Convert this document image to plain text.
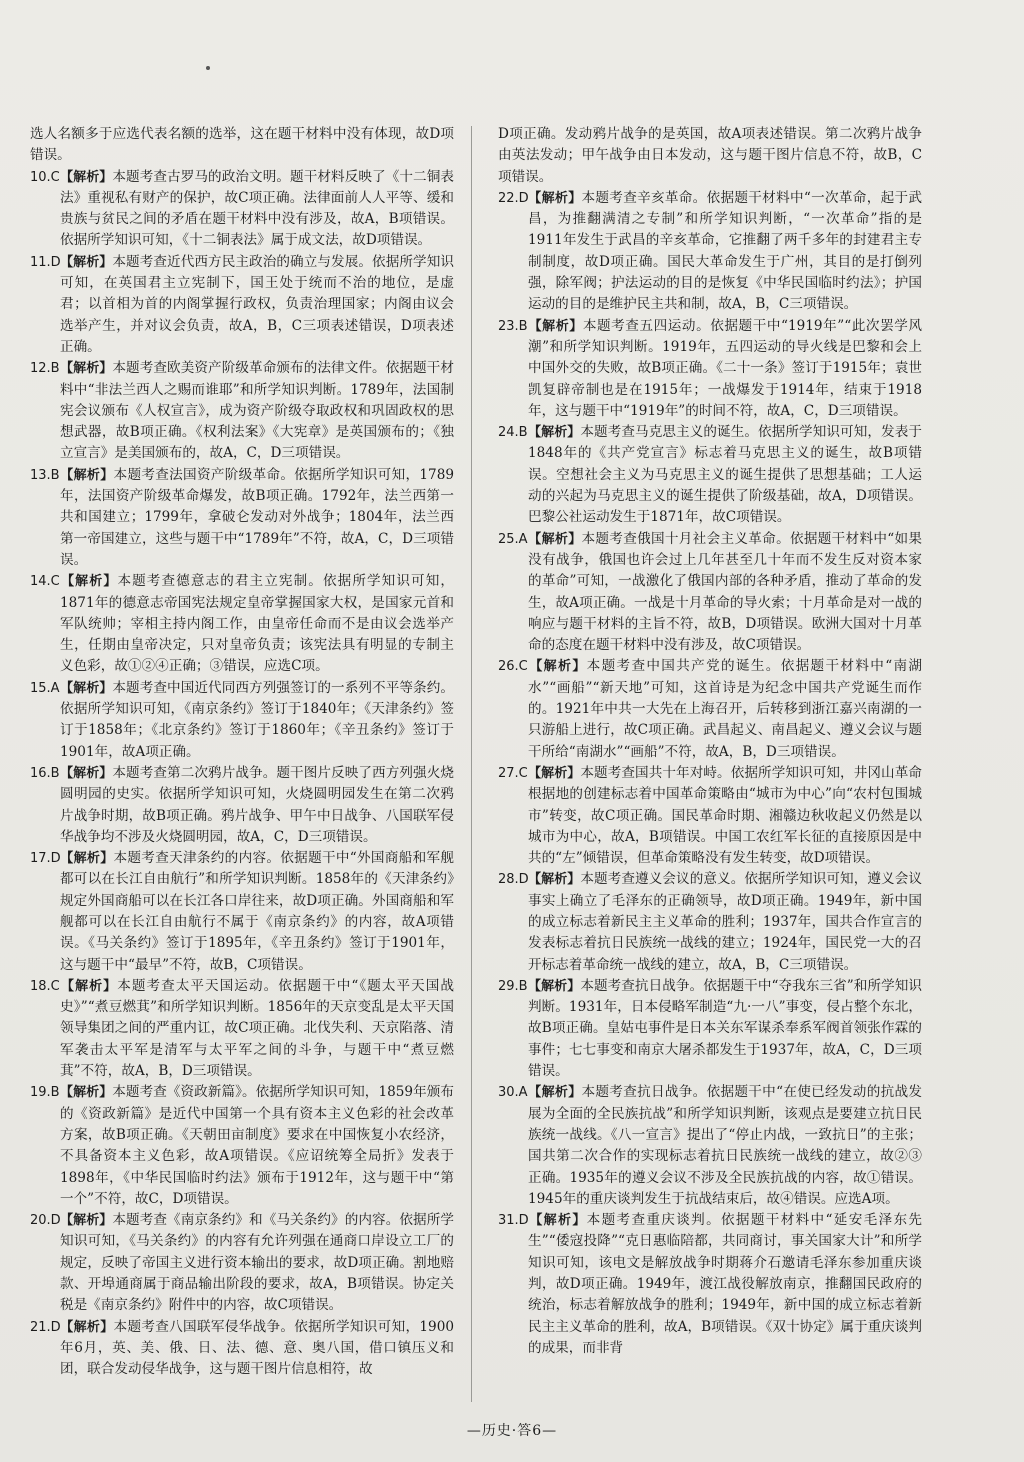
选人名额多于应选代表名额的选举，这在题干材料中没有体现，故D项错误。

10.C【解析】本题考查古罗马的政治文明。题干材料反映了《十二铜表法》重视私有财产的保护，故C项正确。法律面前人人平等、缓和贵族与贫民之间的矛盾在题干材料中没有涉及，故A，B项错误。依据所学知识可知，《十二铜表法》属于成文法，故D项错误。

11.D【解析】本题考查近代西方民主政治的确立与发展。依据所学知识可知，在英国君主立宪制下，国王处于统而不治的地位，是虚君；以首相为首的内阁掌握行政权，负责治理国家；内阁由议会选举产生，并对议会负责，故A，B，C三项表述错误，D项表述正确。

12.B【解析】本题考查欧美资产阶级革命颁布的法律文件。依据题干材料中“非法兰西人之赐而谁耶”和所学知识判断。1789年，法国制宪会议颁布《人权宣言》，成为资产阶级夺取政权和巩固政权的思想武器，故B项正确。《权利法案》《大宪章》是英国颁布的；《独立宣言》是美国颁布的，故A，C，D三项错误。

13.B【解析】本题考查法国资产阶级革命。依据所学知识可知，1789年，法国资产阶级革命爆发，故B项正确。1792年，法兰西第一共和国建立；1799年，拿破仑发动对外战争；1804年，法兰西第一帝国建立，这些与题干中“1789年”不符，故A，C，D三项错误。

14.C【解析】本题考查德意志的君主立宪制。依据所学知识可知，1871年的德意志帝国宪法规定皇帝掌握国家大权，是国家元首和军队统帅；宰相主持内阁工作，由皇帝任命而不是由议会选举产生，任期由皇帝决定，只对皇帝负责；该宪法具有明显的专制主义色彩，故①②④正确；③错误，应选C项。

15.A【解析】本题考查中国近代同西方列强签订的一系列不平等条约。依据所学知识可知，《南京条约》签订于1840年；《天津条约》签订于1858年；《北京条约》签订于1860年；《辛丑条约》签订于1901年，故A项正确。

16.B【解析】本题考查第二次鸦片战争。题干图片反映了西方列强火烧圆明园的史实。依据所学知识可知，火烧圆明园发生在第二次鸦片战争时期，故B项正确。鸦片战争、甲午中日战争、八国联军侵华战争均不涉及火烧圆明园，故A，C，D三项错误。

17.D【解析】本题考查天津条约的内容。依据题干中“外国商船和军舰都可以在长江自由航行”和所学知识判断。1858年的《天津条约》规定外国商船可以在长江各口岸往来，故D项正确。外国商船和军舰都可以在长江自由航行不属于《南京条约》的内容，故A项错误。《马关条约》签订于1895年，《辛丑条约》签订于1901年，这与题干中“最早”不符，故B，C项错误。

18.C【解析】本题考查太平天国运动。依据题干中“《题太平天国战史》”“煮豆燃萁”和所学知识判断。1856年的天京变乱是太平天国领导集团之间的严重内讧，故C项正确。北伐失利、天京陷落、清军袭击太平军是清军与太平军之间的斗争，与题干中“煮豆燃萁”不符，故A，B，D三项错误。

19.B【解析】本题考查《资政新篇》。依据所学知识可知，1859年颁布的《资政新篇》是近代中国第一个具有资本主义色彩的社会改革方案，故B项正确。《天朝田亩制度》要求在中国恢复小农经济，不具备资本主义色彩，故A项错误。《应诏统筹全局折》发表于1898年，《中华民国临时约法》颁布于1912年，这与题干中“第一个”不符，故C，D项错误。

20.D【解析】本题考查《南京条约》和《马关条约》的内容。依据所学知识可知，《马关条约》的内容有允许列强在通商口岸设立工厂的规定，反映了帝国主义进行资本输出的要求，故D项正确。割地赔款、开埠通商属于商品输出阶段的要求，故A，B项错误。协定关税是《南京条约》附件中的内容，故C项错误。

21.D【解析】本题考查八国联军侵华战争。依据所学知识可知，1900年6月，英、美、俄、日、法、德、意、奥八国，借口镇压义和团，联合发动侵华战争，这与题干图片信息相符，故

D项正确。发动鸦片战争的是英国，故A项表述错误。第二次鸦片战争由英法发动；甲午战争由日本发动，这与题干图片信息不符，故B，C项错误。

22.D【解析】本题考查辛亥革命。依据题干材料中“一次革命，起于武昌，为推翻满清之专制”和所学知识判断，“一次革命”指的是1911年发生于武昌的辛亥革命，它推翻了两千多年的封建君主专制制度，故D项正确。国民大革命发生于广州，其目的是打倒列强，除军阀；护法运动的目的是恢复《中华民国临时约法》；护国运动的目的是维护民主共和制，故A，B，C三项错误。

23.B【解析】本题考查五四运动。依据题干中“1919年”“此次罢学风潮”和所学知识判断。1919年，五四运动的导火线是巴黎和会上中国外交的失败，故B项正确。《二十一条》签订于1915年；袁世凯复辟帝制也是在1915年；一战爆发于1914年，结束于1918年，这与题干中“1919年”的时间不符，故A，C，D三项错误。

24.B【解析】本题考查马克思主义的诞生。依据所学知识可知，发表于1848年的《共产党宣言》标志着马克思主义的诞生，故B项错误。空想社会主义为马克思主义的诞生提供了思想基础；工人运动的兴起为马克思主义的诞生提供了阶级基础，故A，D项错误。巴黎公社运动发生于1871年，故C项错误。

25.A【解析】本题考查俄国十月社会主义革命。依据题干材料中“如果没有战争，俄国也许会过上几年甚至几十年而不发生反对资本家的革命”可知，一战激化了俄国内部的各种矛盾，推动了革命的发生，故A项正确。一战是十月革命的导火索；十月革命是对一战的响应与题干材料的主旨不符，故B，D项错误。欧洲大国对十月革命的态度在题干材料中没有涉及，故C项错误。

26.C【解析】本题考查中国共产党的诞生。依据题干材料中“南湖水”“画船”“新天地”可知，这首诗是为纪念中国共产党诞生而作的。1921年中共一大先在上海召开，后转移到浙江嘉兴南湖的一只游船上进行，故C项正确。武昌起义、南昌起义、遵义会议与题干所给“南湖水”“画船”不符，故A，B，D三项错误。

27.C【解析】本题考查国共十年对峙。依据所学知识可知，井冈山革命根据地的创建标志着中国革命策略由“城市为中心”向“农村包围城市”转变，故C项正确。国民革命时期、湘赣边秋收起义仍然是以城市为中心，故A，B项错误。中国工农红军长征的直接原因是中共的“左”倾错误，但革命策略没有发生转变，故D项错误。

28.D【解析】本题考查遵义会议的意义。依据所学知识可知，遵义会议事实上确立了毛泽东的正确领导，故D项正确。1949年，新中国的成立标志着新民主主义革命的胜利；1937年，国共合作宣言的发表标志着抗日民族统一战线的建立；1924年，国民党一大的召开标志着革命统一战线的建立，故A，B，C三项错误。

29.B【解析】本题考查抗日战争。依据题干中“夺我东三省”和所学知识判断。1931年，日本侵略军制造“九·一八”事变，侵占整个东北，故B项正确。皇姑屯事件是日本关东军谋杀奉系军阀首领张作霖的事件；七七事变和南京大屠杀都发生于1937年，故A，C，D三项错误。

30.A【解析】本题考查抗日战争。依据题干中“在使已经发动的抗战发展为全面的全民族抗战”和所学知识判断，该观点是要建立抗日民族统一战线。《八一宣言》提出了“停止内战，一致抗日”的主张；国共第二次合作的实现标志着抗日民族统一战线的建立，故②③正确。1935年的遵义会议不涉及全民族抗战的内容，故①错误。1945年的重庆谈判发生于抗战结束后，故④错误。应选A项。

31.D【解析】本题考查重庆谈判。依据题干材料中“延安毛泽东先生”“倭寇投降”“克日惠临陪都，共同商讨，事关国家大计”和所学知识可知，该电文是解放战争时期蒋介石邀请毛泽东参加重庆谈判，故D项正确。1949年，渡江战役解放南京，推翻国民政府的统治，标志着解放战争的胜利；1949年，新中国的成立标志着新民主主义革命的胜利，故A，B项错误。《双十协定》属于重庆谈判的成果，而非背

—历史·答6—
